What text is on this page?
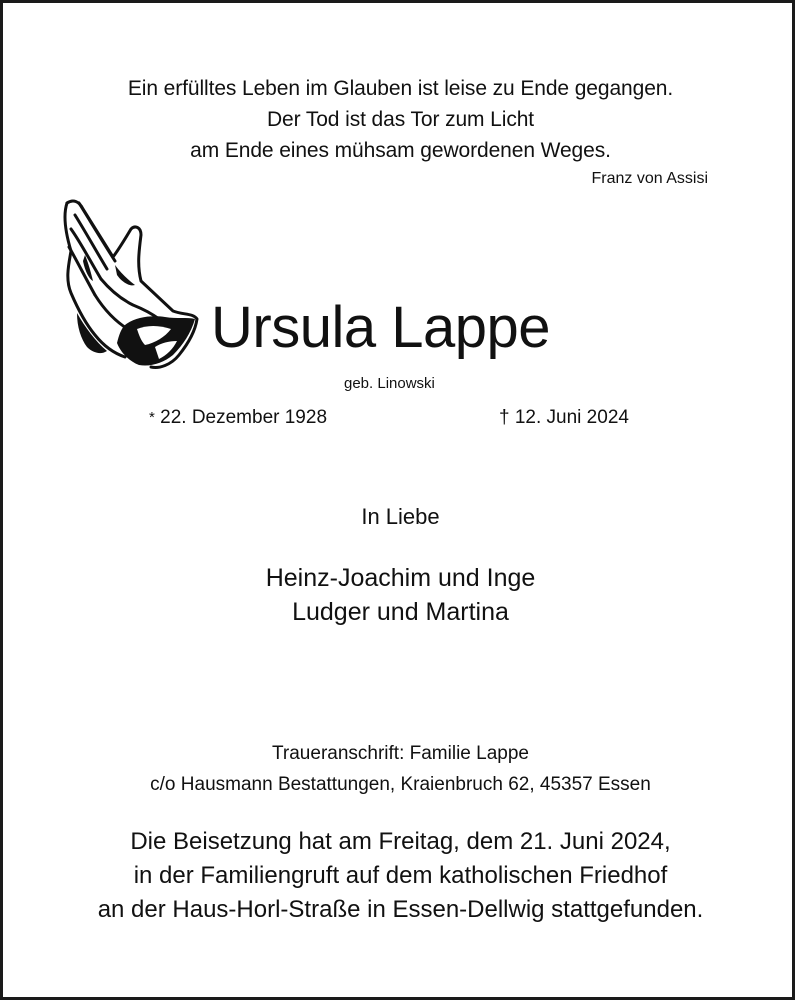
Ein erfülltes Leben im Glauben ist leise zu Ende gegangen.
Der Tod ist das Tor zum Licht
am Ende eines mühsam gewordenen Weges.
Franz von Assisi
Ursula Lappe
geb. Linowski
* 22. Dezember 1928	† 12. Juni 2024
In Liebe
Heinz-Joachim und Inge
Ludger und Martina
Traueranschrift: Familie Lappe
c/o Hausmann Bestattungen, Kraienbruch 62, 45357 Essen
Die Beisetzung hat am Freitag, dem 21. Juni 2024,
in der Familiengruft auf dem katholischen Friedhof
an der Haus-Horl-Straße in Essen-Dellwig stattgefunden.
